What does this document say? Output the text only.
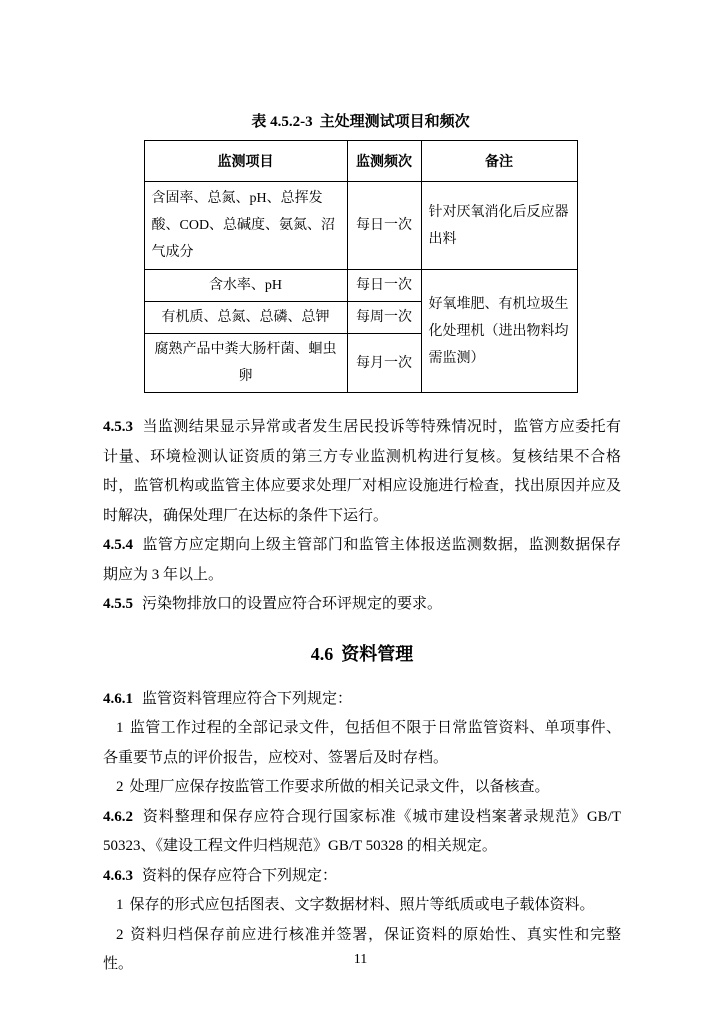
表 4.5.2-3 主处理测试项目和频次
监测项目	监测频次	备注
含固率、总氮、pH、总挥发酸、COD、总碱度、氨氮、沼气成分	每日一次	针对厌氧消化后反应器出料
含水率、pH	每日一次	好氧堆肥、有机垃圾生化处理机（进出物料均需监测）
有机质、总氮、总磷、总钾	每周一次	
腐熟产品中粪大肠杆菌、蛔虫卵	每月一次	

4.5.3 当监测结果显示异常或者发生居民投诉等特殊情况时，监管方应委托有计量、环境检测认证资质的第三方专业监测机构进行复核。复核结果不合格时，监管机构或监管主体应要求处理厂对相应设施进行检查，找出原因并应及时解决，确保处理厂在达标的条件下运行。

4.5.4 监管方应定期向上级主管部门和监管主体报送监测数据，监测数据保存期应为 3 年以上。

4.5.5 污染物排放口的设置应符合环评规定的要求。

4.6 资料管理

4.6.1 监管资料管理应符合下列规定：

1 监管工作过程的全部记录文件，包括但不限于日常监管资料、单项事件、各重要节点的评价报告，应校对、签署后及时存档。

2 处理厂应保存按监管工作要求所做的相关记录文件，以备核查。

4.6.2 资料整理和保存应符合现行国家标准《城市建设档案著录规范》GB/T 50323、《建设工程文件归档规范》GB/T 50328 的相关规定。

4.6.3 资料的保存应符合下列规定：

1 保存的形式应包括图表、文字数据材料、照片等纸质或电子载体资料。

2 资料归档保存前应进行核准并签署，保证资料的原始性、真实性和完整性。	11
